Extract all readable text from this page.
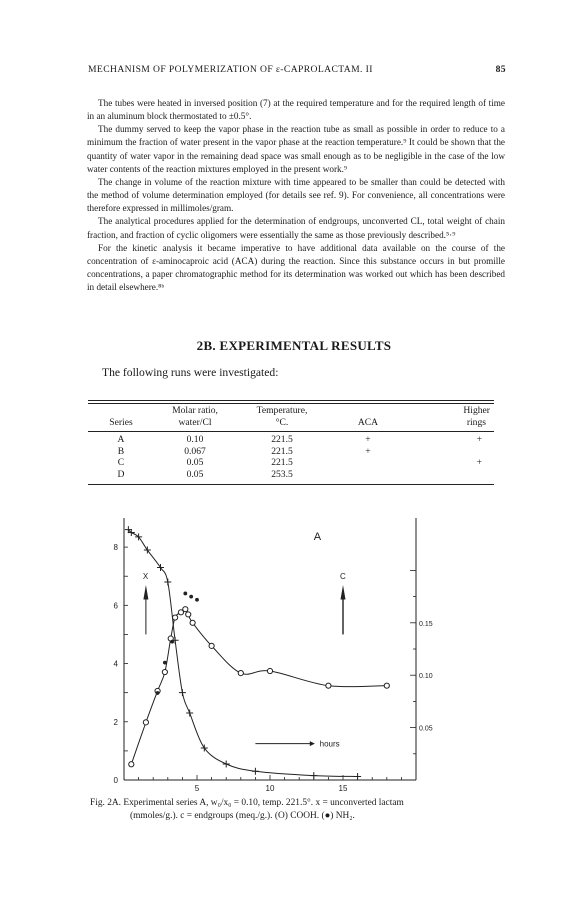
MECHANISM OF POLYMERIZATION OF ε-CAPROLACTAM. II	85

The tubes were heated in inversed position (7) at the required temperature and for the required length of time in an aluminum block thermostated to ±0.5°.

The dummy served to keep the vapor phase in the reaction tube as small as possible in order to reduce to a minimum the fraction of water present in the vapor phase at the reaction temperature.⁹ It could be shown that the quantity of water vapor in the remaining dead space was small enough as to be negligible in the case of the low water contents of the reaction mixtures employed in the present work.⁹

The change in volume of the reaction mixture with time appeared to be smaller than could be detected with the method of volume determination employed (for details see ref. 9). For convenience, all concentrations were therefore expressed in millimoles/gram.

The analytical procedures applied for the determination of endgroups, unconverted CL, total weight of chain fraction, and fraction of cyclic oligomers were essentially the same as those previously described.⁵·⁹

For the kinetic analysis it became imperative to have additional data available on the course of the concentration of ε-aminocaproic acid (ACA) during the reaction. Since this substance occurs in but promille concentrations, a paper chromatographic method for its determination was worked out which has been described in detail elsewhere.⁸ᵇ

2B. EXPERIMENTAL RESULTS
The following runs were investigated:
	Molar ratio,	Temperature,		Higher
Series	water/Cl	°C.	ACA	rings

A	0.10	221.5	+	+
B	0.067	221.5	+	
C	0.05	221.5		+
D	0.05	253.5		
5	10	15
0
2
4
6
8
0.05
0.10
0.15
A
X	C
hours
Fig. 2A. Experimental series A, w₀/x₀ = 0.10, temp. 221.5°. x = unconverted lactam
(mmoles/g.). c = endgroups (meq./g.). (O) COOH. (●) NH₂.
